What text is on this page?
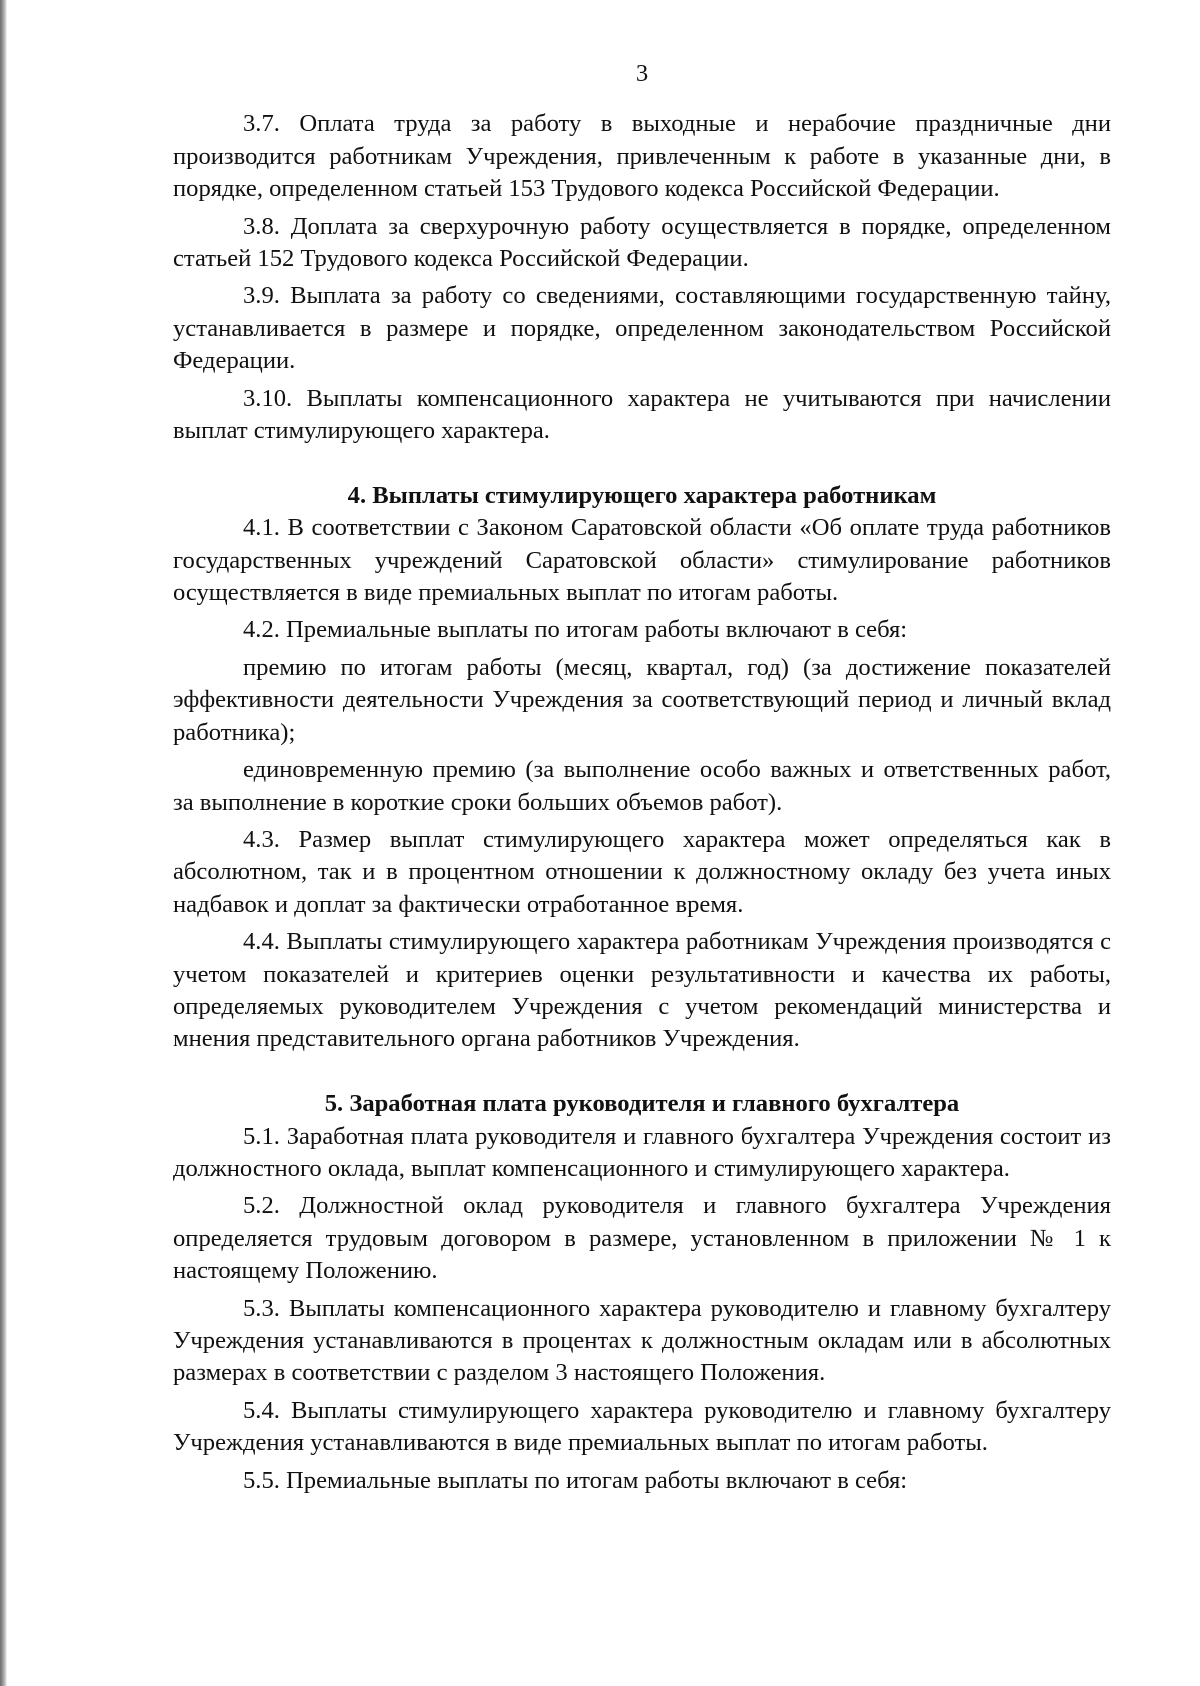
3

3.7. Оплата труда за работу в выходные и нерабочие праздничные дни производится работникам Учреждения, привлеченным к работе в указанные дни, в порядке, определенном статьей 153 Трудового кодекса Российской Федерации.

3.8. Доплата за сверхурочную работу осуществляется в порядке, определенном статьей 152 Трудового кодекса Российской Федерации.

3.9. Выплата за работу со сведениями, составляющими государственную тайну, устанавливается в размере и порядке, определенном законодательством Российской Федерации.

3.10. Выплаты компенсационного характера не учитываются при начислении выплат стимулирующего характера.

4. Выплаты стимулирующего характера работникам

4.1. В соответствии с Законом Саратовской области «Об оплате труда работников государственных учреждений Саратовской области» стимулирование работников осуществляется в виде премиальных выплат по итогам работы.

4.2. Премиальные выплаты по итогам работы включают в себя:

премию по итогам работы (месяц, квартал, год) (за достижение показателей эффективности деятельности Учреждения за соответствующий период и личный вклад работника);

единовременную премию (за выполнение особо важных и ответственных работ, за выполнение в короткие сроки больших объемов работ).

4.3. Размер выплат стимулирующего характера может определяться как в абсолютном, так и в процентном отношении к должностному окладу без учета иных надбавок и доплат за фактически отработанное время.

4.4. Выплаты стимулирующего характера работникам Учреждения производятся с учетом показателей и критериев оценки результативности и качества их работы, определяемых руководителем Учреждения с учетом рекомендаций министерства и мнения представительного органа работников Учреждения.

5. Заработная плата руководителя и главного бухгалтера

5.1. Заработная плата руководителя и главного бухгалтера Учреждения состоит из должностного оклада, выплат компенсационного и стимулирующего характера.

5.2. Должностной оклад руководителя и главного бухгалтера Учреждения определяется трудовым договором в размере, установленном в приложении № 1 к настоящему Положению.

5.3. Выплаты компенсационного характера руководителю и главному бухгалтеру Учреждения устанавливаются в процентах к должностным окладам или в абсолютных размерах в соответствии с разделом 3 настоящего Положения.

5.4. Выплаты стимулирующего характера руководителю и главному бухгалтеру Учреждения устанавливаются в виде премиальных выплат по итогам работы.

5.5. Премиальные выплаты по итогам работы включают в себя:
